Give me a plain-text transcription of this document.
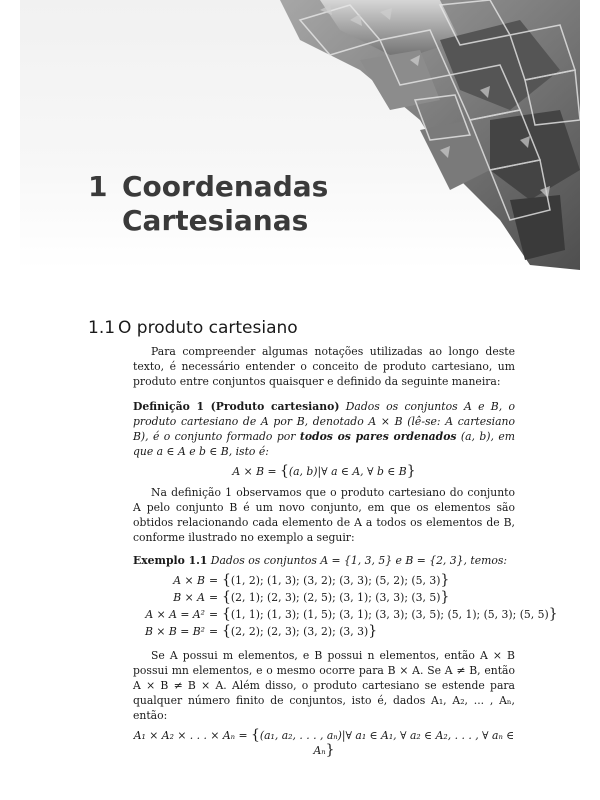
1 Coordenadas
Cartesianas
1.1 O produto cartesiano

Para compreender algumas notações utilizadas ao longo deste texto, é necessário entender o conceito de produto cartesiano, um produto entre conjuntos quaisquer e definido da seguinte maneira:

Definição 1 (Produto cartesiano) Dados os conjuntos A e B, o produto cartesiano de A por B, denotado A × B (lê-se: A cartesiano B), é o conjunto formado por todos os pares ordenados (a, b), em que a ∈ A e b ∈ B, isto é:

A × B = {(a, b)|∀ a ∈ A, ∀ b ∈ B}

Na definição 1 observamos que o produto cartesiano do conjunto A pelo conjunto B é um novo conjunto, em que os elementos são obtidos relacionando cada elemento de A a todos os elementos de B, conforme ilustrado no exemplo a seguir:

Exemplo 1.1 Dados os conjuntos A = {1, 3, 5} e B = {2, 3}, temos:

A × B	=	{(1, 2); (1, 3); (3, 2); (3, 3); (5, 2); (5, 3)}
B × A	=	{(2, 1); (2, 3); (2, 5); (3, 1); (3, 3); (3, 5)}
A × A = A²	=	{(1, 1); (1, 3); (1, 5); (3, 1); (3, 3); (3, 5); (5, 1); (5, 3); (5, 5)}
B × B = B²	=	{(2, 2); (2, 3); (3, 2); (3, 3)}

Se A possui m elementos, e B possui n elementos, então A × B possui mn elementos, e o mesmo ocorre para B × A. Se A ≠ B, então A × B ≠ B × A. Além disso, o produto cartesiano se estende para qualquer número finito de conjuntos, isto é, dados A₁, A₂, ... , Aₙ, então:

A₁ × A₂ × . . . × Aₙ = {(a₁, a₂, . . . , aₙ)|∀ a₁ ∈ A₁, ∀ a₂ ∈ A₂, . . . , ∀ aₙ ∈ Aₙ}
